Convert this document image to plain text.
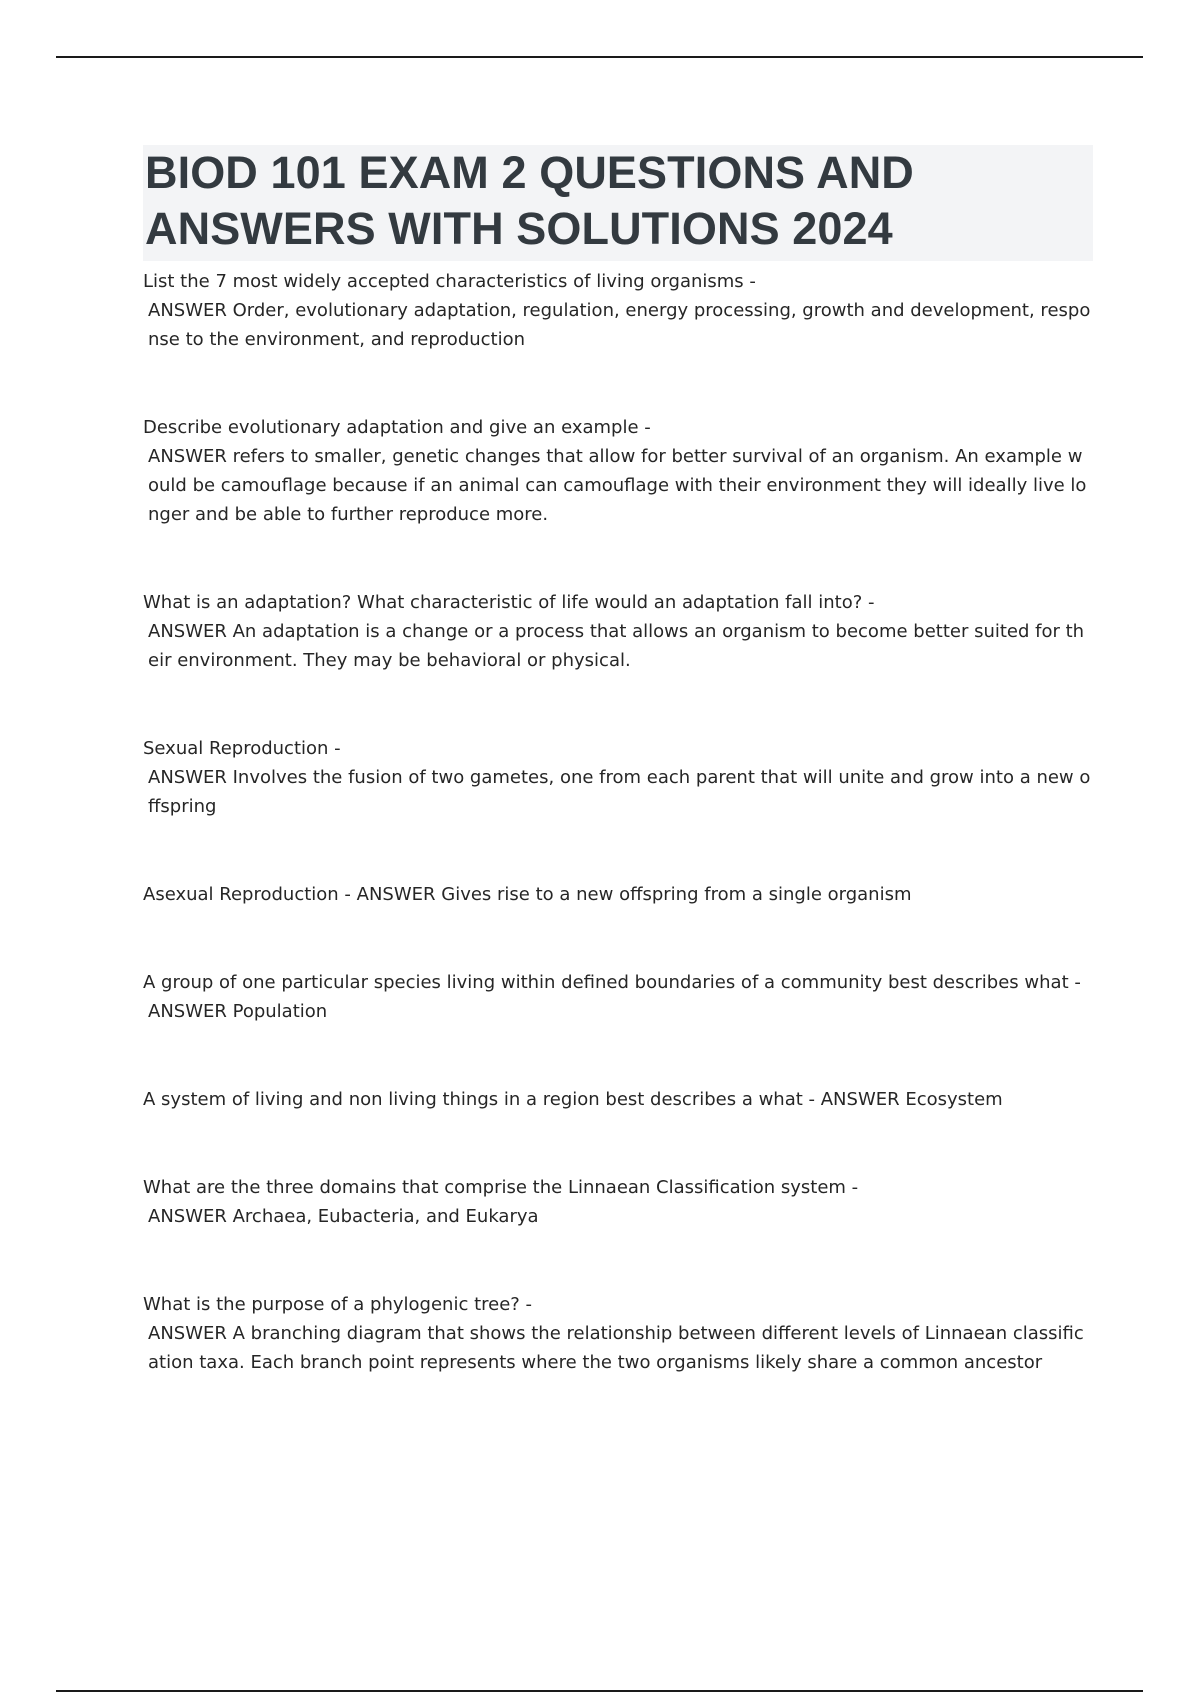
BIOD 101 EXAM 2 QUESTIONS AND ANSWERS WITH SOLUTIONS 2024

List the 7 most widely accepted characteristics of living organisms -
ANSWER Order, evolutionary adaptation, regulation, energy processing, growth and development, response to the environment, and reproduction

Describe evolutionary adaptation and give an example -
ANSWER refers to smaller, genetic changes that allow for better survival of an organism. An example would be camouflage because if an animal can camouflage with their environment they will ideally live longer and be able to further reproduce more.

What is an adaptation? What characteristic of life would an adaptation fall into? -
ANSWER An adaptation is a change or a process that allows an organism to become better suited for their environment. They may be behavioral or physical.

Sexual Reproduction -
ANSWER Involves the fusion of two gametes, one from each parent that will unite and grow into a new offspring

Asexual Reproduction - ANSWER Gives rise to a new offspring from a single organism

A group of one particular species living within defined boundaries of a community best describes what -
ANSWER Population

A system of living and non living things in a region best describes a what - ANSWER Ecosystem

What are the three domains that comprise the Linnaean Classification system -
ANSWER Archaea, Eubacteria, and Eukarya

What is the purpose of a phylogenic tree? -
ANSWER A branching diagram that shows the relationship between different levels of Linnaean classification taxa. Each branch point represents where the two organisms likely share a common ancestor
